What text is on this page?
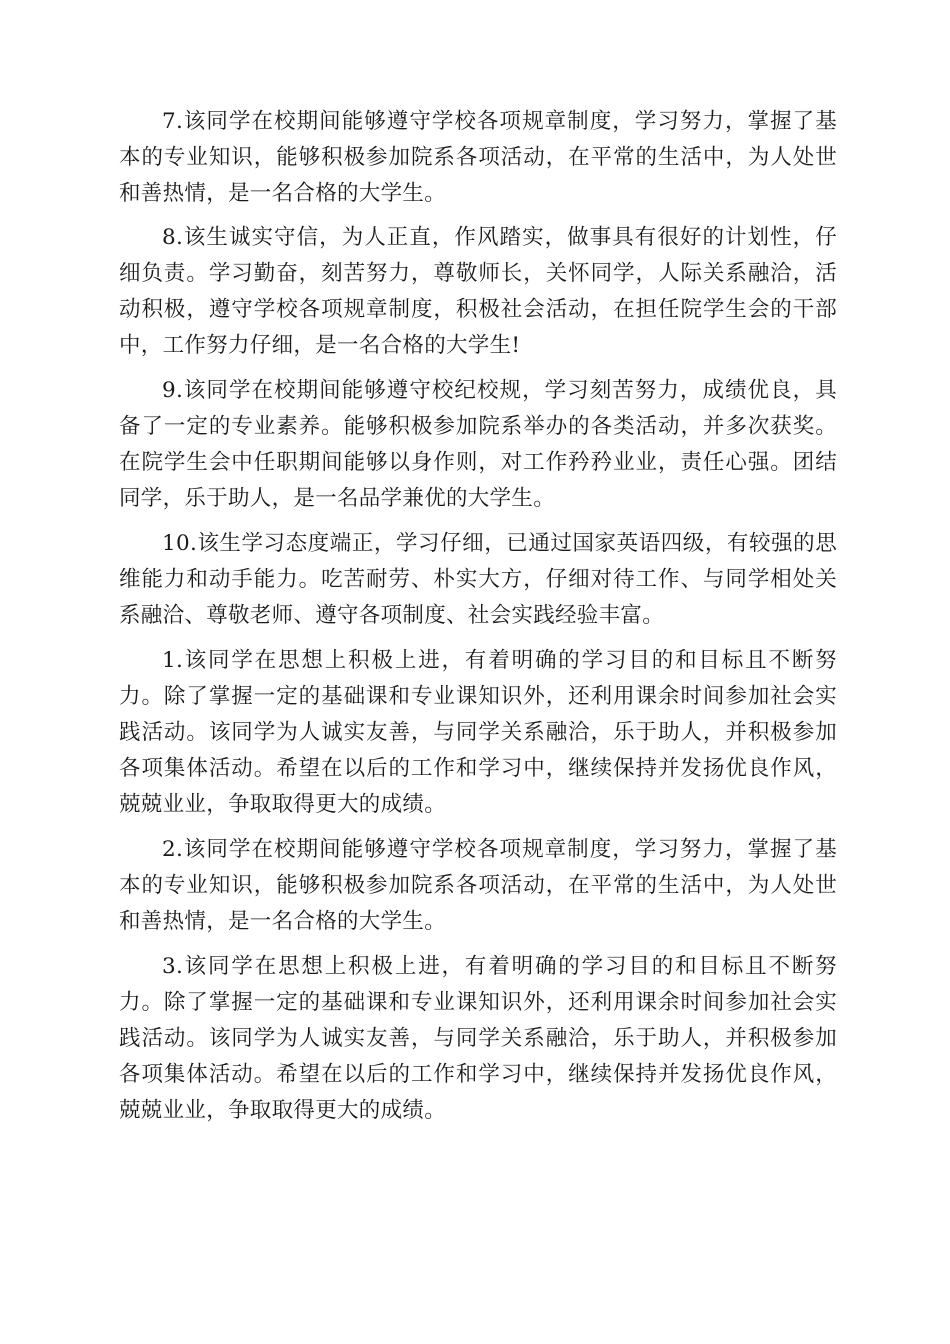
7.该同学在校期间能够遵守学校各项规章制度，学习努力，掌握了基本的专业知识，能够积极参加院系各项活动，在平常的生活中，为人处世和善热情，是一名合格的大学生。

8.该生诚实守信，为人正直，作风踏实，做事具有很好的计划性，仔细负责。学习勤奋，刻苦努力，尊敬师长，关怀同学，人际关系融洽，活动积极，遵守学校各项规章制度，积极社会活动，在担任院学生会的干部中，工作努力仔细，是一名合格的大学生!

9.该同学在校期间能够遵守校纪校规，学习刻苦努力，成绩优良，具备了一定的专业素养。能够积极参加院系举办的各类活动，并多次获奖。在院学生会中任职期间能够以身作则，对工作矜矜业业，责任心强。团结同学，乐于助人，是一名品学兼优的大学生。

10.该生学习态度端正，学习仔细，已通过国家英语四级，有较强的思维能力和动手能力。吃苦耐劳、朴实大方，仔细对待工作、与同学相处关系融洽、尊敬老师、遵守各项制度、社会实践经验丰富。

1.该同学在思想上积极上进，有着明确的学习目的和目标且不断努力。除了掌握一定的基础课和专业课知识外，还利用课余时间参加社会实践活动。该同学为人诚实友善，与同学关系融洽，乐于助人，并积极参加各项集体活动。希望在以后的工作和学习中，继续保持并发扬优良作风，兢兢业业，争取取得更大的成绩。

2.该同学在校期间能够遵守学校各项规章制度，学习努力，掌握了基本的专业知识，能够积极参加院系各项活动，在平常的生活中，为人处世和善热情，是一名合格的大学生。

3.该同学在思想上积极上进，有着明确的学习目的和目标且不断努力。除了掌握一定的基础课和专业课知识外，还利用课余时间参加社会实践活动。该同学为人诚实友善，与同学关系融洽，乐于助人，并积极参加各项集体活动。希望在以后的工作和学习中，继续保持并发扬优良作风，兢兢业业，争取取得更大的成绩。
